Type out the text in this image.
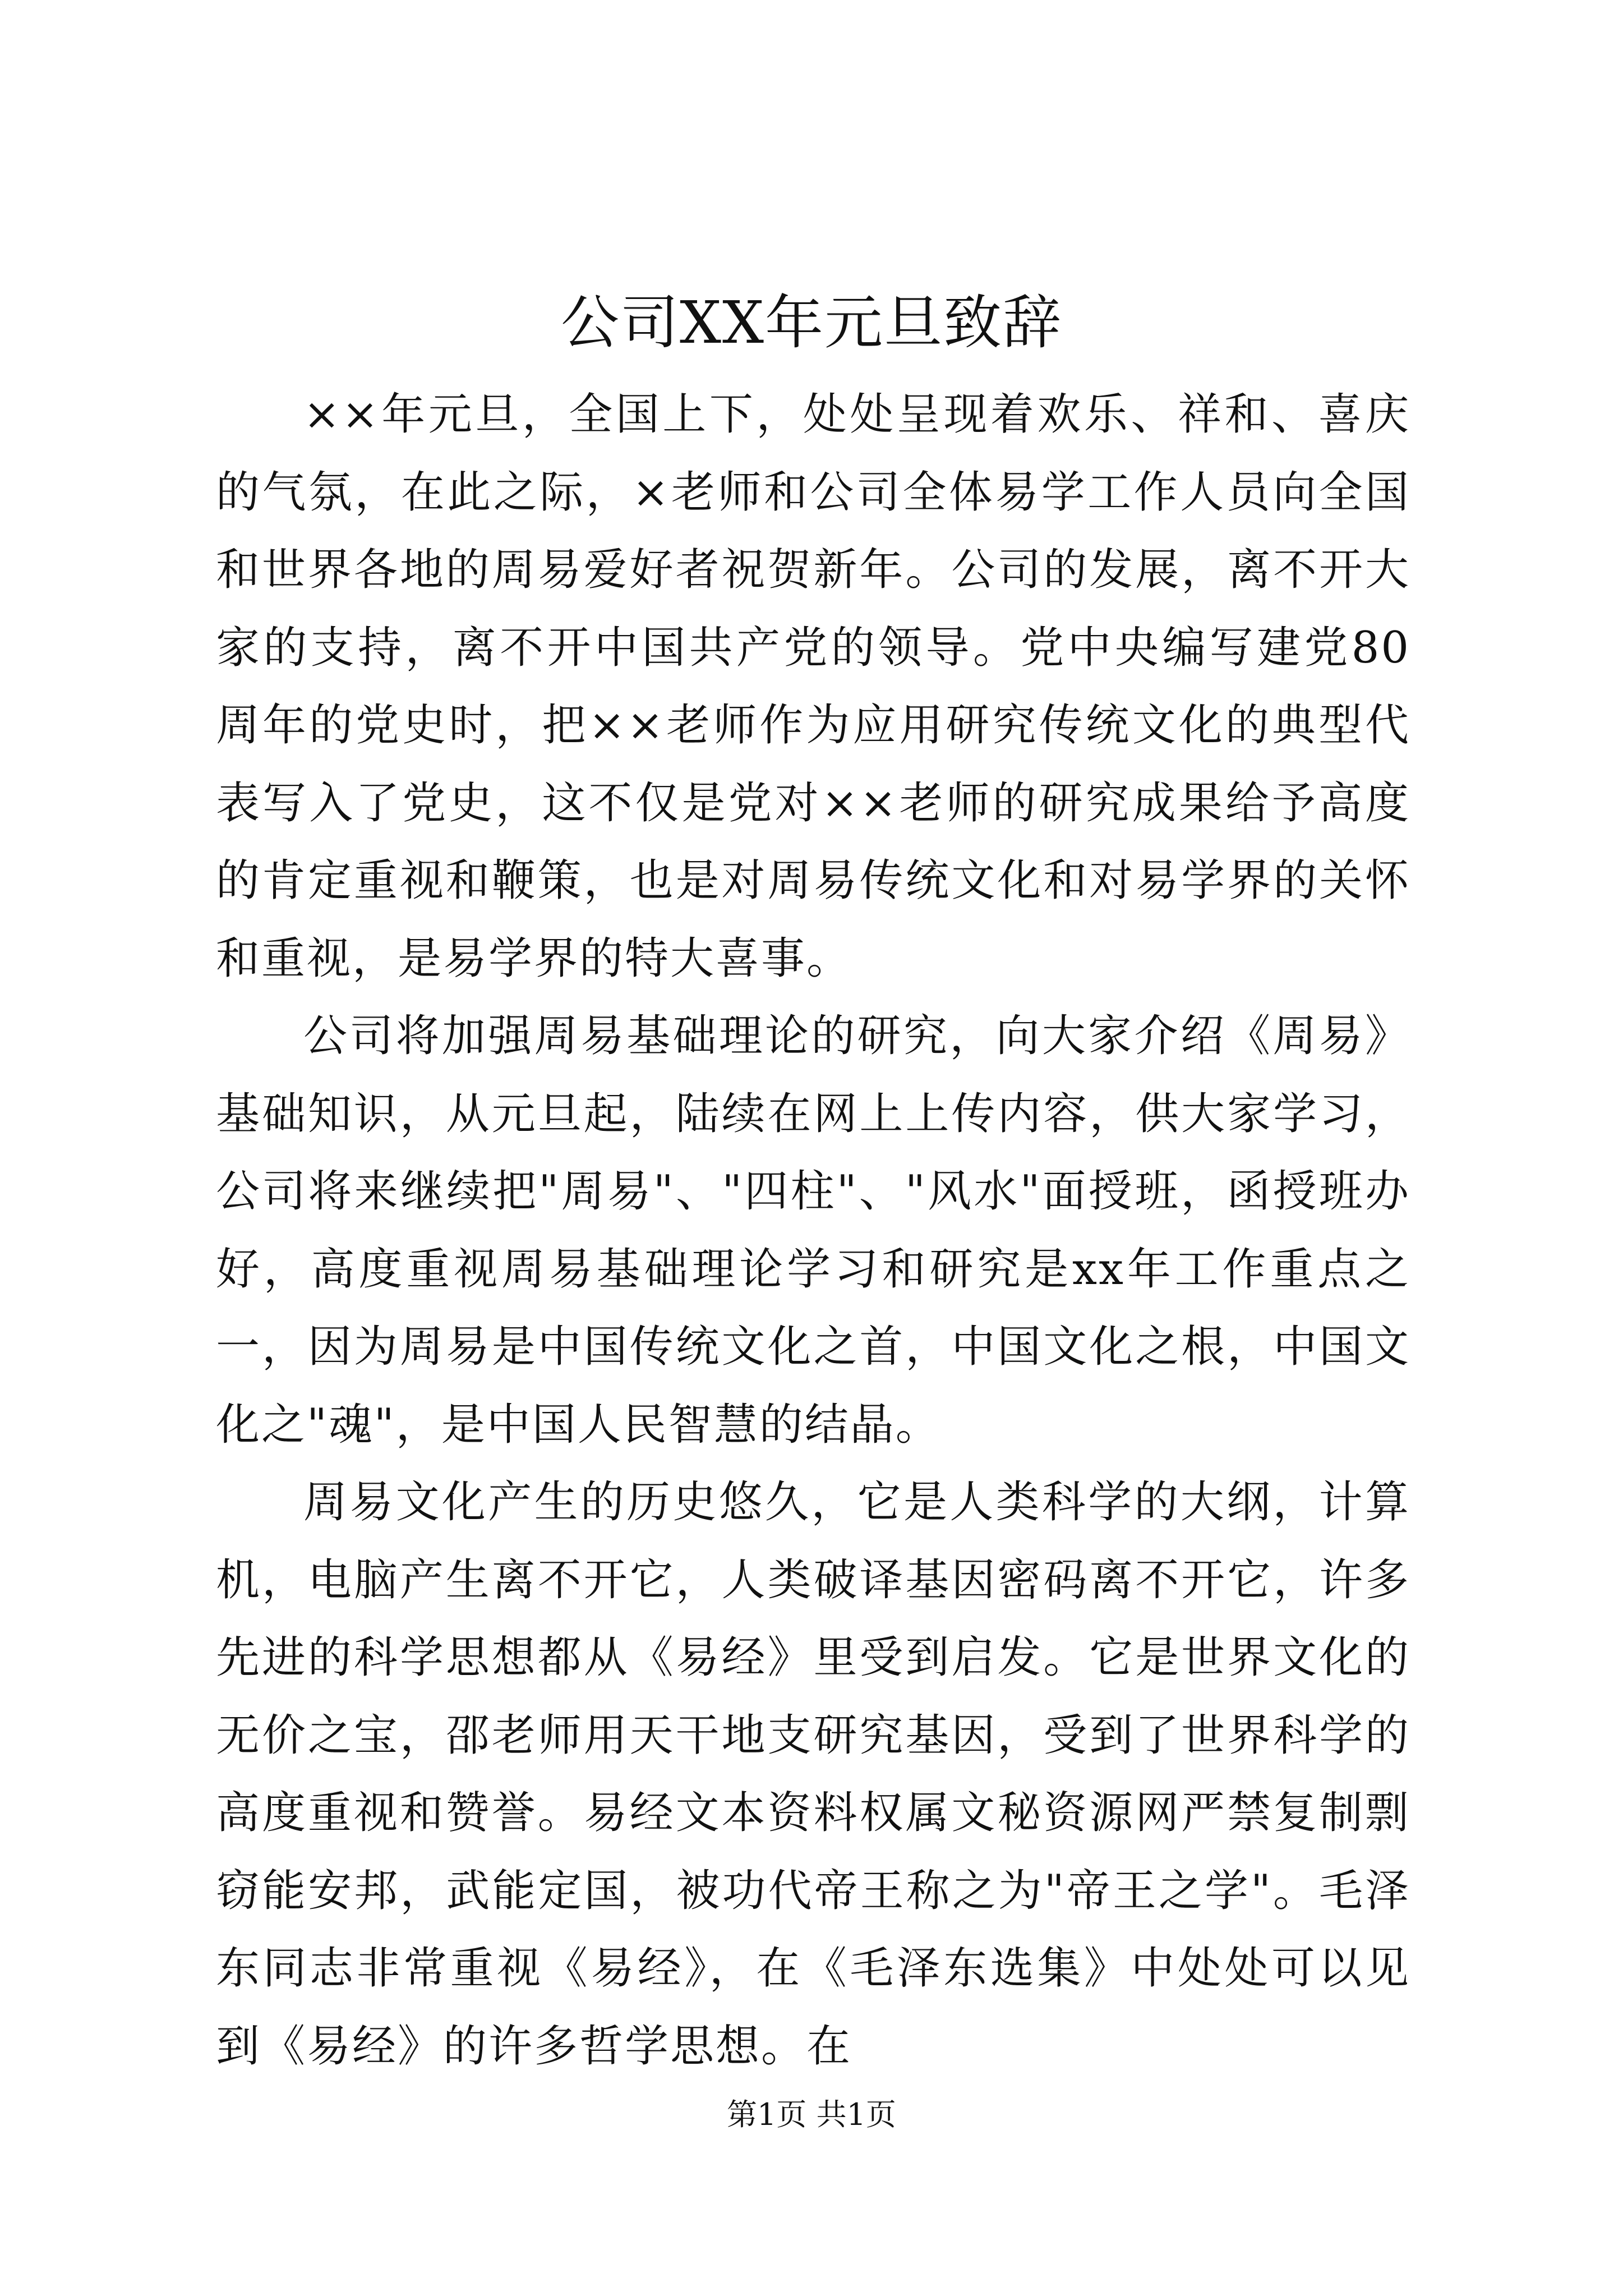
公司XX年元旦致辞

××年元旦，全国上下，处处呈现着欢乐、祥和、喜庆的气氛，在此之际，×老师和公司全体易学工作人员向全国和世界各地的周易爱好者祝贺新年。公司的发展，离不开大家的支持，离不开中国共产党的领导。党中央编写建党80周年的党史时，把××老师作为应用研究传统文化的典型代表写入了党史，这不仅是党对××老师的研究成果给予高度的肯定重视和鞭策，也是对周易传统文化和对易学界的关怀和重视，是易学界的特大喜事。

公司将加强周易基础理论的研究，向大家介绍《周易》基础知识，从元旦起，陆续在网上上传内容，供大家学习，公司将来继续把"周易"、"四柱"、"风水"面授班，函授班办好，高度重视周易基础理论学习和研究是xx年工作重点之一，因为周易是中国传统文化之首，中国文化之根，中国文化之"魂"，是中国人民智慧的结晶。

周易文化产生的历史悠久，它是人类科学的大纲，计算机，电脑产生离不开它，人类破译基因密码离不开它，许多先进的科学思想都从《易经》里受到启发。它是世界文化的无价之宝，邵老师用天干地支研究基因，受到了世界科学的高度重视和赞誉。易经文本资料权属文秘资源网严禁复制剽窃能安邦，武能定国，被功代帝王称之为"帝王之学"。毛泽东同志非常重视《易经》，在《毛泽东选集》中处处可以见到《易经》的许多哲学思想。在

第1页 共1页
